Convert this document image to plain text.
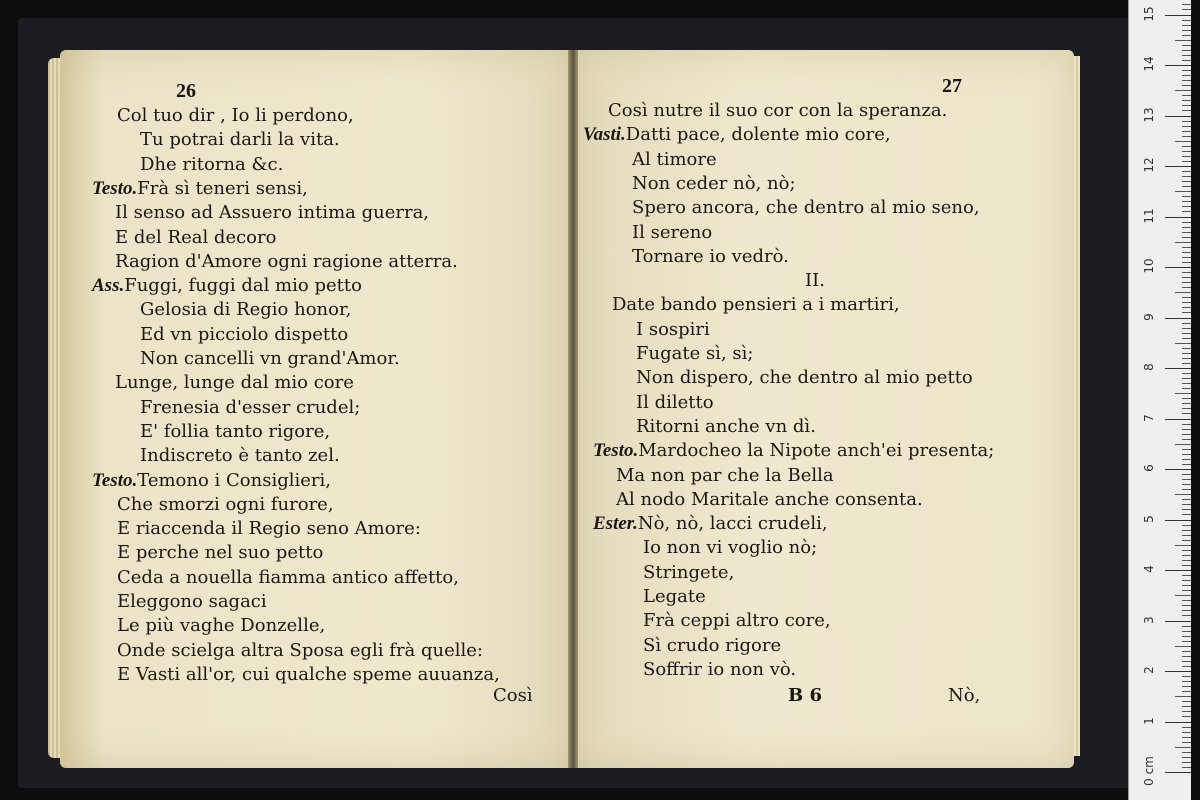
26
Col tuo dir , Io li perdono,
Tu potrai darli la vita.
Dhe ritorna &c.
Testo.Frà sì teneri sensi,
Il senso ad Assuero intima guerra,
E del Real decoro
Ragion d'Amore ogni ragione atterra.
Ass.Fuggi, fuggi dal mio petto
Gelosia di Regio honor,
Ed vn picciolo dispetto
Non cancelli vn grand'Amor.
Lunge, lunge dal mio core
Frenesia d'esser crudel;
E' follia tanto rigore,
Indiscreto è tanto zel.
Testo.Temono i Consiglieri,
Che smorzi ogni furore,
E riaccenda il Regio seno Amore:
E perche nel suo petto
Ceda a nouella fiamma antico affetto,
Eleggono sagaci
Le più vaghe Donzelle,
Onde scielga altra Sposa egli frà quelle:
E Vasti all'or, cui qualche speme auuanza,
Così
27
Così nutre il suo cor con la speranza.
Vasti.Datti pace, dolente mio core,
Al timore
Non ceder nò, nò;
Spero ancora, che dentro al mio seno,
Il sereno
Tornare io vedrò.
II.
Date bando pensieri a i martiri,
I sospiri
Fugate sì, sì;
Non dispero, che dentro al mio petto
Il diletto
Ritorni anche vn dì.
Testo.Mardocheo la Nipote anch'ei presenta;
Ma non par che la Bella
Al nodo Maritale anche consenta.
Ester.Nò, nò, lacci crudeli,
Io non vi voglio nò;
Stringete,
Legate
Frà ceppi altro core,
Sì crudo rigore
Soffrir io non vò.
B 6	Nò,
0 cm
1
2
3
4
5
6
7
8
9
10
11
12
13
14
15
